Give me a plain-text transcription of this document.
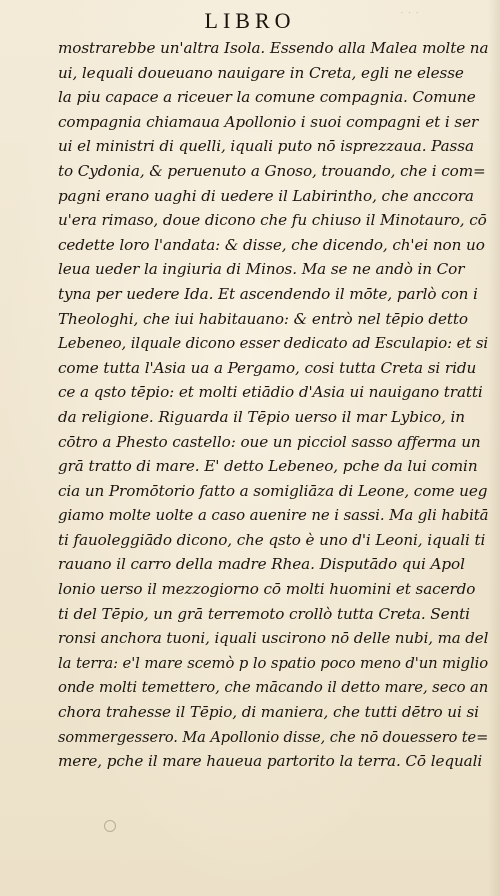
· · ·
LIBRO
mostrarebbe un'altra Isola. Essendo alla Malea molte na
ui, lequali doueuano nauigare in Creta, egli ne elesse
la piu capace a riceuer la comune compagnia. Comune
compagnia chiamaua Apollonio i suoi compagni et i ser
ui el ministri di quelli, iquali puto nō isprezzaua. Passa
to Cydonia, & peruenuto a Gnoso, trouando, che i com=
pagni erano uaghi di uedere il Labirintho, che anccora
u'era rimaso, doue dicono che fu chiuso il Minotauro, cō
cedette loro l'andata: & disse, che dicendo, ch'ei non uo
leua ueder la ingiuria di Minos. Ma se ne andò in Cor
tyna per uedere Ida. Et ascendendo il mōte, parlò con i
Theologhi, che iui habitauano: & entrò nel tēpio detto
Lebeneo, ilquale dicono esser dedicato ad Esculapio: et si
come tutta l'Asia ua a Pergamo, cosi tutta Creta si ridu
ce a qsto tēpio: et molti etiādio d'Asia ui nauigano tratti
da religione. Riguarda il Tēpio uerso il mar Lybico, in
cōtro a Phesto castello: oue un picciol sasso afferma un
grā tratto di mare. E' detto Lebeneo, pche da lui comin
cia un Promōtorio fatto a somigliāza di Leone, come ueg
giamo molte uolte a caso auenire ne i sassi. Ma gli habitā
ti fauoleggiādo dicono, che qsto è uno d'i Leoni, iquali ti
rauano il carro della madre Rhea. Disputādo qui Apol
lonio uerso il mezzogiorno cō molti huomini et sacerdo
ti del Tēpio, un grā terremoto crollò tutta Creta. Senti
ronsi anchora tuoni, iquali uscirono nō delle nubi, ma del
la terra: e'l mare scemò p lo spatio poco meno d'un miglio
onde molti temettero, che mācando il detto mare, seco an
chora trahesse il Tēpio, di maniera, che tutti dētro ui si
sommergessero. Ma Apollonio disse, che nō douessero te=
mere, pche il mare haueua partorito la terra. Cō lequali
